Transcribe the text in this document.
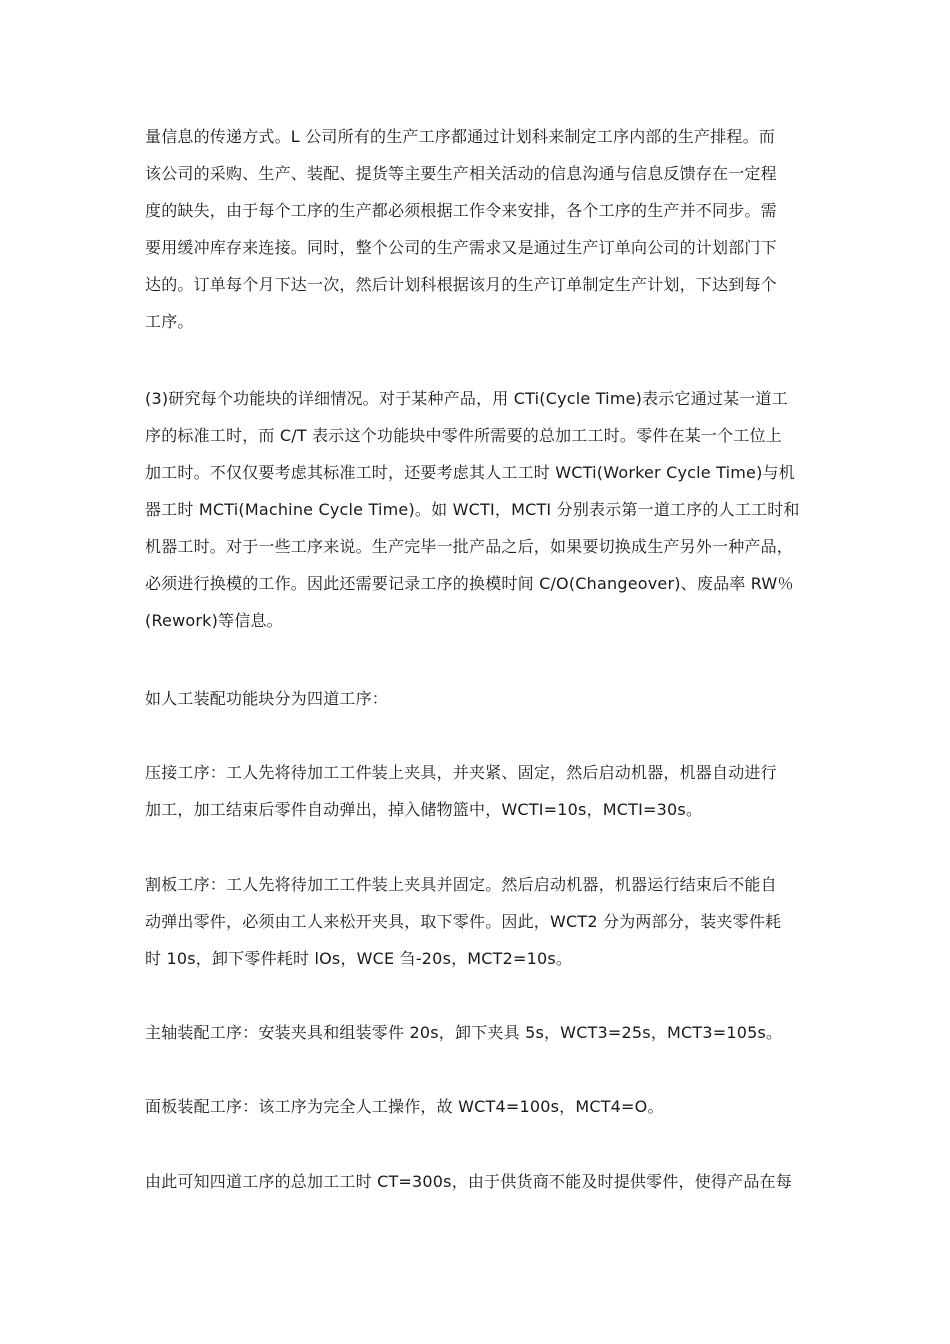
量信息的传递方式。L 公司所有的生产工序都通过计划科来制定工序内部的生产排程。而
该公司的采购、生产、装配、提货等主要生产相关活动的信息沟通与信息反馈存在一定程
度的缺失，由于每个工序的生产都必须根据工作令来安排，各个工序的生产并不同步。需
要用缓冲库存来连接。同时，整个公司的生产需求又是通过生产订单向公司的计划部门下
达的。订单每个月下达一次，然后计划科根据该月的生产订单制定生产计划，下达到每个
工序。
(3)研究每个功能块的详细情况。对于某种产品，用 CTi(Cycle Time)表示它通过某一道工
序的标准工时，而 C/T 表示这个功能块中零件所需要的总加工工时。零件在某一个工位上
加工时。不仅仅要考虑其标准工时，还要考虑其人工工时 WCTi(Worker Cycle Time)与机
器工时 MCTi(Machine Cycle Time)。如 WCTI，MCTI 分别表示第一道工序的人工工时和
机器工时。对于一些工序来说。生产完毕一批产品之后，如果要切换成生产另外一种产品，
必须进行换模的工作。因此还需要记录工序的换模时间 C/O(Changeover)、废品率 RW％
(Rework)等信息。
如人工装配功能块分为四道工序：
压接工序：工人先将待加工工件装上夹具，并夹紧、固定，然后启动机器，机器自动进行
加工，加工结束后零件自动弹出，掉入储物篮中，WCTI=10s，MCTI=30s。
割板工序：工人先将待加工工件装上夹具并固定。然后启动机器，机器运行结束后不能自
动弹出零件，必须由工人来松开夹具，取下零件。因此，WCT2 分为两部分，装夹零件耗
时 10s，卸下零件耗时 lOs，WCE 刍-20s，MCT2=10s。
主轴装配工序：安装夹具和组装零件 20s，卸下夹具 5s，WCT3=25s，MCT3=105s。
面板装配工序：该工序为完全人工操作，故 WCT4=100s，MCT4=O。
由此可知四道工序的总加工工时 CT=300s，由于供货商不能及时提供零件，使得产品在每
